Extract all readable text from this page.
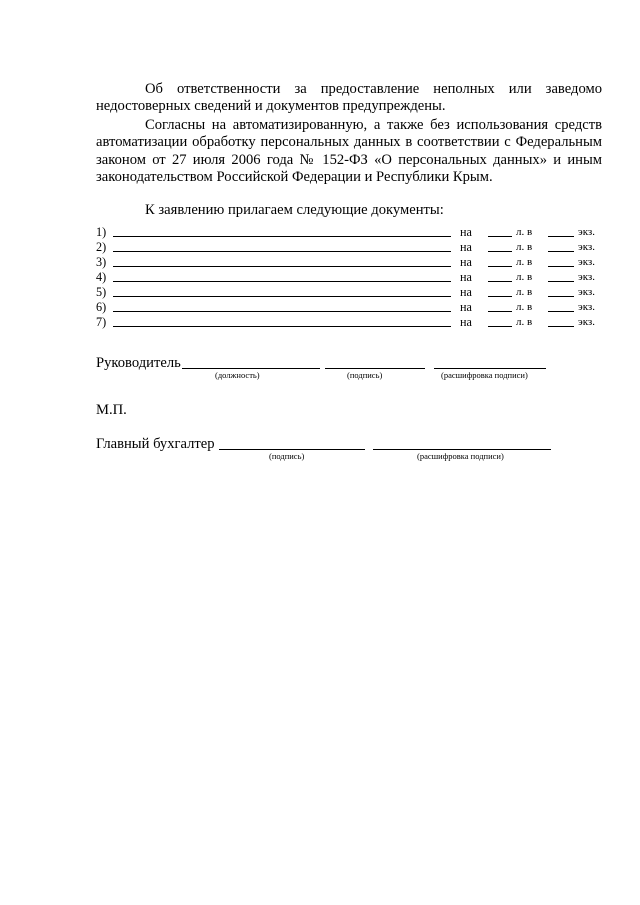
Об ответственности за предоставление неполных или заведомо недостоверных сведений и документов предупреждены.

Согласны на автоматизированную, а также без использования средств автоматизации обработку персональных данных в соответствии с Федеральным законом от 27 июля 2006 года № 152-ФЗ «О персональных данных» и иным законодательством Российской Федерации и Республики Крым.

К заявлению прилагаем следующие документы:

1)	на	л. в	экз.
2)	на	л. в	экз.
3)	на	л. в	экз.
4)	на	л. в	экз.
5)	на	л. в	экз.
6)	на	л. в	экз.
7)	на	л. в	экз.
Руководитель
(должность)	(подпись)	(расшифровка подписи)
М.П.
Главный бухгалтер
(подпись)	(расшифровка подписи)
